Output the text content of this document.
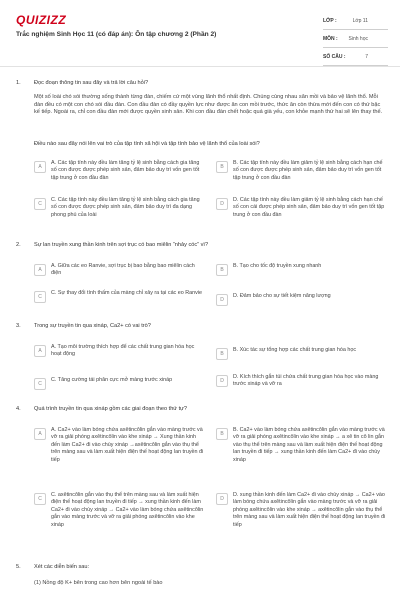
QUIZIZZ
Trắc nghiệm Sinh Học 11 (có đáp án): Ôn tập chương 2 (Phần 2)
LỚP :	Lớp 11
MÔN : Sinh học
SỐ CÂU :	7
1.	Đọc đoạn thông tin sau đây và trả lời câu hỏi?

Một số loài chó sói thường sống thành từng đàn, chiếm cứ một vùng lãnh thổ nhất định. Chúng cùng nhau săn mồi và bảo vệ lãnh thổ. Mỗi đàn đều có một con chó sói đầu đàn. Con đầu đàn có đầy quyền lực như được ăn con mồi trước, thức ăn còn thừa mới đến con có thứ bậc kế tiếp. Ngoài ra, chỉ con đầu đàn mới được quyền sinh sản. Khi con đầu đàn chết hoặc quá già yếu, con khỏe mạnh thứ hai sẽ lên thay thế.

Điều nào sau đây nói lên vai trò của tập tính xã hội và tập tính bảo vệ lãnh thổ của loài sói?

A
A. Các tập tính này đều làm tăng tỷ lệ sinh bằng cách gia tăng số con được được phép sinh sản, đảm bảo duy trì vốn gen tốt tập trung ở con đầu đàn
B
B. Các tập tính này đều làm giảm tỷ lệ sinh bằng cách hạn chế số con được được phép sinh sản, đảm bảo duy trì vốn gen tốt tập trung ở con đầu đàn
C
C. Các tập tính này đều làm tăng tỷ lệ sinh bằng cách gia tăng số con được được phép sinh sản, đảm bảo duy trì đa dạng phong phú của loài
D
D. Các tập tính này đều làm giảm tỷ lệ sinh bằng cách hạn chế số con cái được phép sinh sản, đảm bảo duy trì vốn gen tốt tập trung ở con đầu đàn
2.	Sự lan truyền xung thần kinh trên sợi trục có bao miêlin “nhảy cóc” vì?

A
A. Giữa các eo Ranvie, sợi trục bị bao bằng bao miêlin cách điện
B
B. Tạo cho tốc độ truyền xung nhanh
C
C. Sự thay đổi tính thấm của màng chỉ xảy ra tại các eo Ranvie
D
D. Đảm bảo cho sự tiết kiệm năng lượng
3.	Trong sự truyền tin qua xináp, Ca2+ có vai trò?

A
A. Tạo môi trường thích hợp để các chất trung gian hóa học hoạt động	B
B. Xúc tác sự tổng hợp các chất trung gian hóa học
C
C. Tăng cường tái phân cực mở màng trước xináp	D
D. Kích thích gắn túi chứa chất trung gian hóa học vào màng trước xináp và vỡ ra
4.	Quá trình truyền tin qua xináp gồm các giai đoạn theo thứ tự?

A
A. Ca2+ vào làm bóng chứa axêtincôlin gắn vào màng trước và vỡ ra giải phóng axêtincôlin vào khe xináp → Xung thần kinh đến làm Ca2+ đi vào chùy xináp →axêtincôlin gắn vào thụ thể trên màng sau và làm xuất hiện điện thế hoạt động lan truyền đi tiếp
B
B. Ca2+ vào làm bóng chứa axêtincôlin gắn vào màng trước và vỡ ra giải phóng axêtincôlin vào khe xináp → a xê tin cô lin gắn vào thụ thể trên màng sau và làm xuất hiện điện thế hoạt động lan truyền đi tiếp → xung thần kinh đến làm Ca2+ đi vào chùy xináp
C
C. axêtincôlin gắn vào thụ thể trên màng sau và làm xuất hiện điện thế hoạt động lan truyền đi tiếp → xung thần kinh đến làm Ca2+ đi vào chùy xináp → Ca2+ vào làm bóng chứa axêtincôlin gắn vào màng trước và vỡ ra giải phóng axêtincôlin vào khe xináp
D
D. xung thần kinh đến làm Ca2+ đi vào chùy xináp → Ca2+ vào làm bóng chứa axêtincôlin gắn vào màng trước và vỡ ra giải phóng axêtincôlin vào khe xináp → axêtincôlin gắn vào thụ thể trên màng sau và làm xuất hiện điện thế hoạt động lan truyền đi tiếp
5.	Xét các diễn biến sau:

(1) Nồng độ K+ bên trong cao hơn bên ngoài tế bào
